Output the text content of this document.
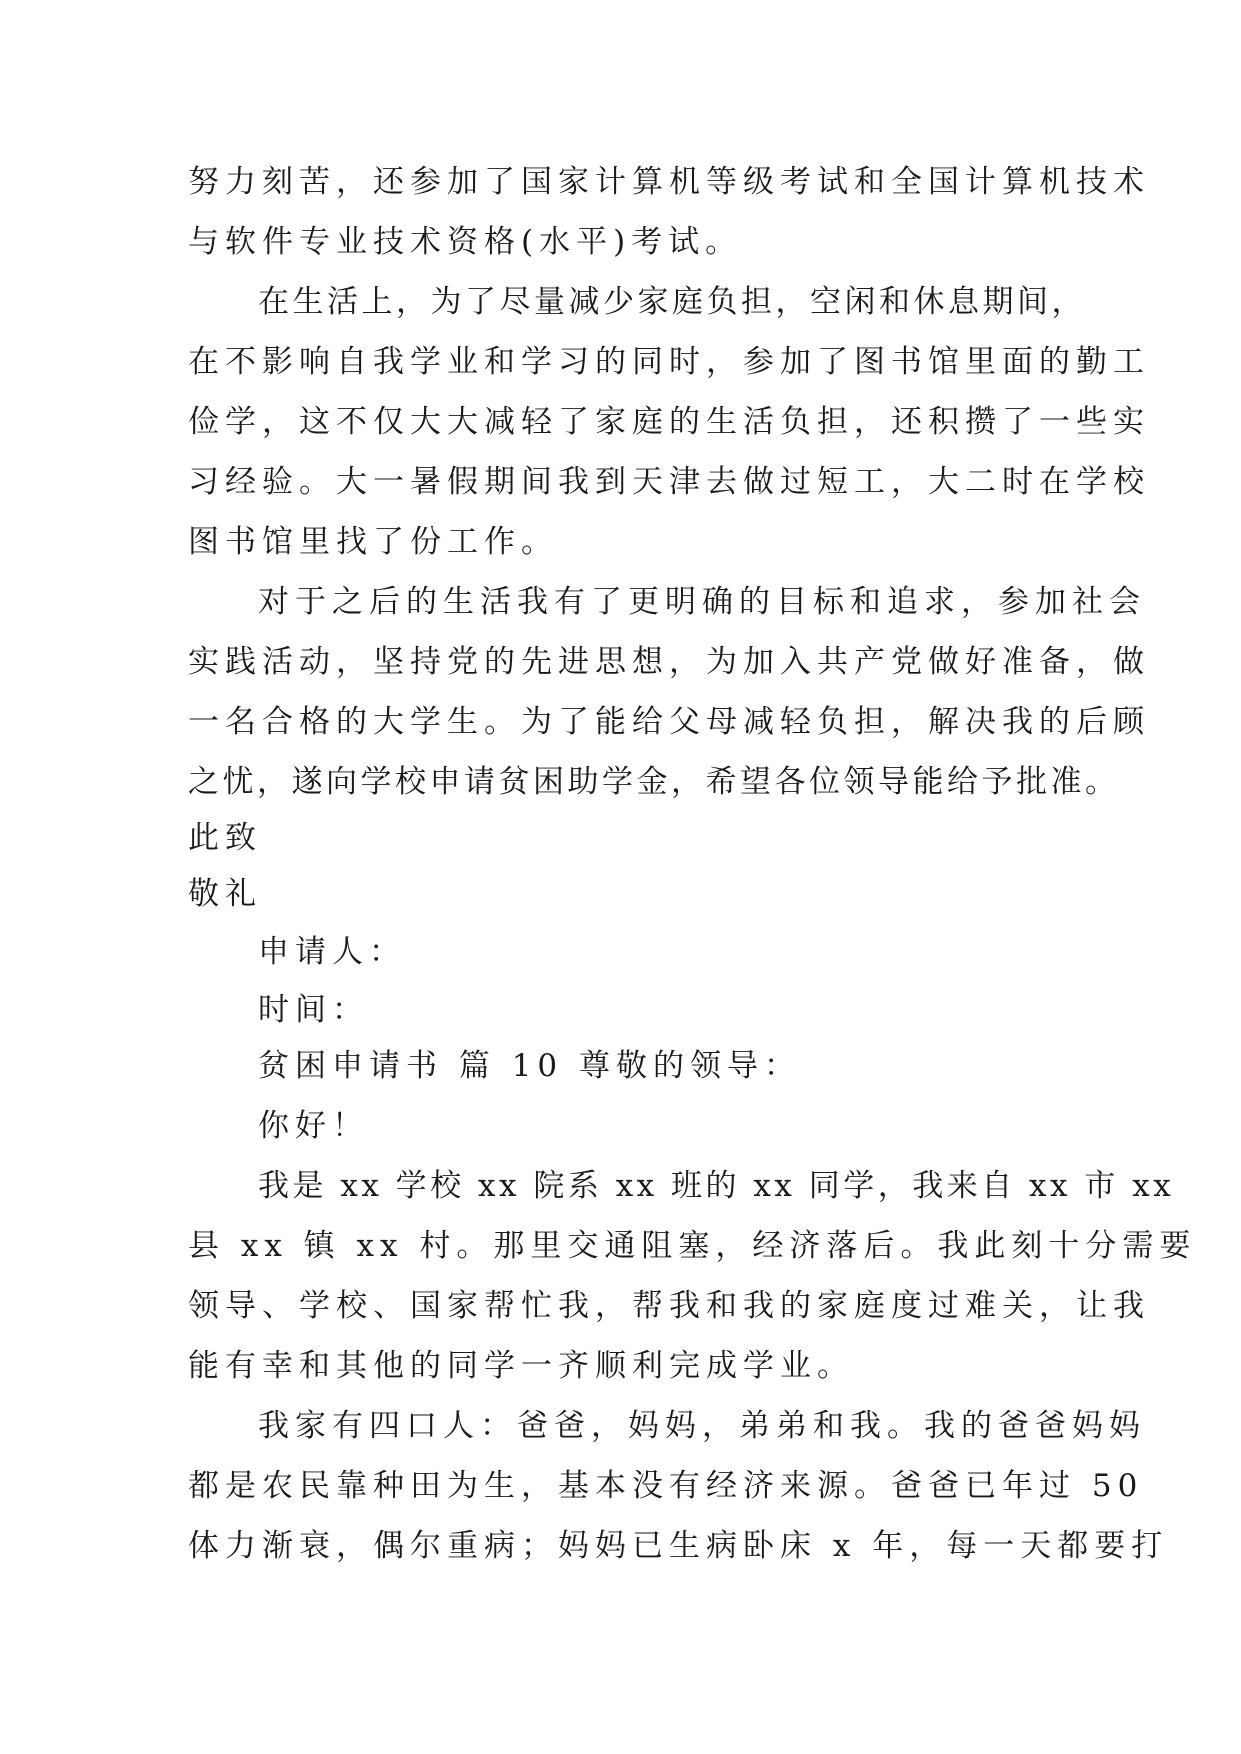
努力刻苦，还参加了国家计算机等级考试和全国计算机技术
与软件专业技术资格(水平)考试。
在生活上，为了尽量减少家庭负担，空闲和休息期间，
在不影响自我学业和学习的同时，参加了图书馆里面的勤工
俭学，这不仅大大减轻了家庭的生活负担，还积攒了一些实
习经验。大一暑假期间我到天津去做过短工，大二时在学校
图书馆里找了份工作。
对于之后的生活我有了更明确的目标和追求，参加社会
实践活动，坚持党的先进思想，为加入共产党做好准备，做
一名合格的大学生。为了能给父母减轻负担，解决我的后顾
之忧，遂向学校申请贫困助学金，希望各位领导能给予批准。
此致
敬礼
申请人：
时间：
贫困申请书 篇 10 尊敬的领导：
你好！
我是 xx 学校 xx 院系 xx 班的 xx 同学，我来自 xx 市 xx
县 xx 镇 xx 村。那里交通阻塞，经济落后。我此刻十分需要
领导、学校、国家帮忙我，帮我和我的家庭度过难关，让我
能有幸和其他的同学一齐顺利完成学业。
我家有四口人：爸爸，妈妈，弟弟和我。我的爸爸妈妈
都是农民靠种田为生，基本没有经济来源。爸爸已年过 50
体力渐衰，偶尔重病；妈妈已生病卧床 x 年，每一天都要打
